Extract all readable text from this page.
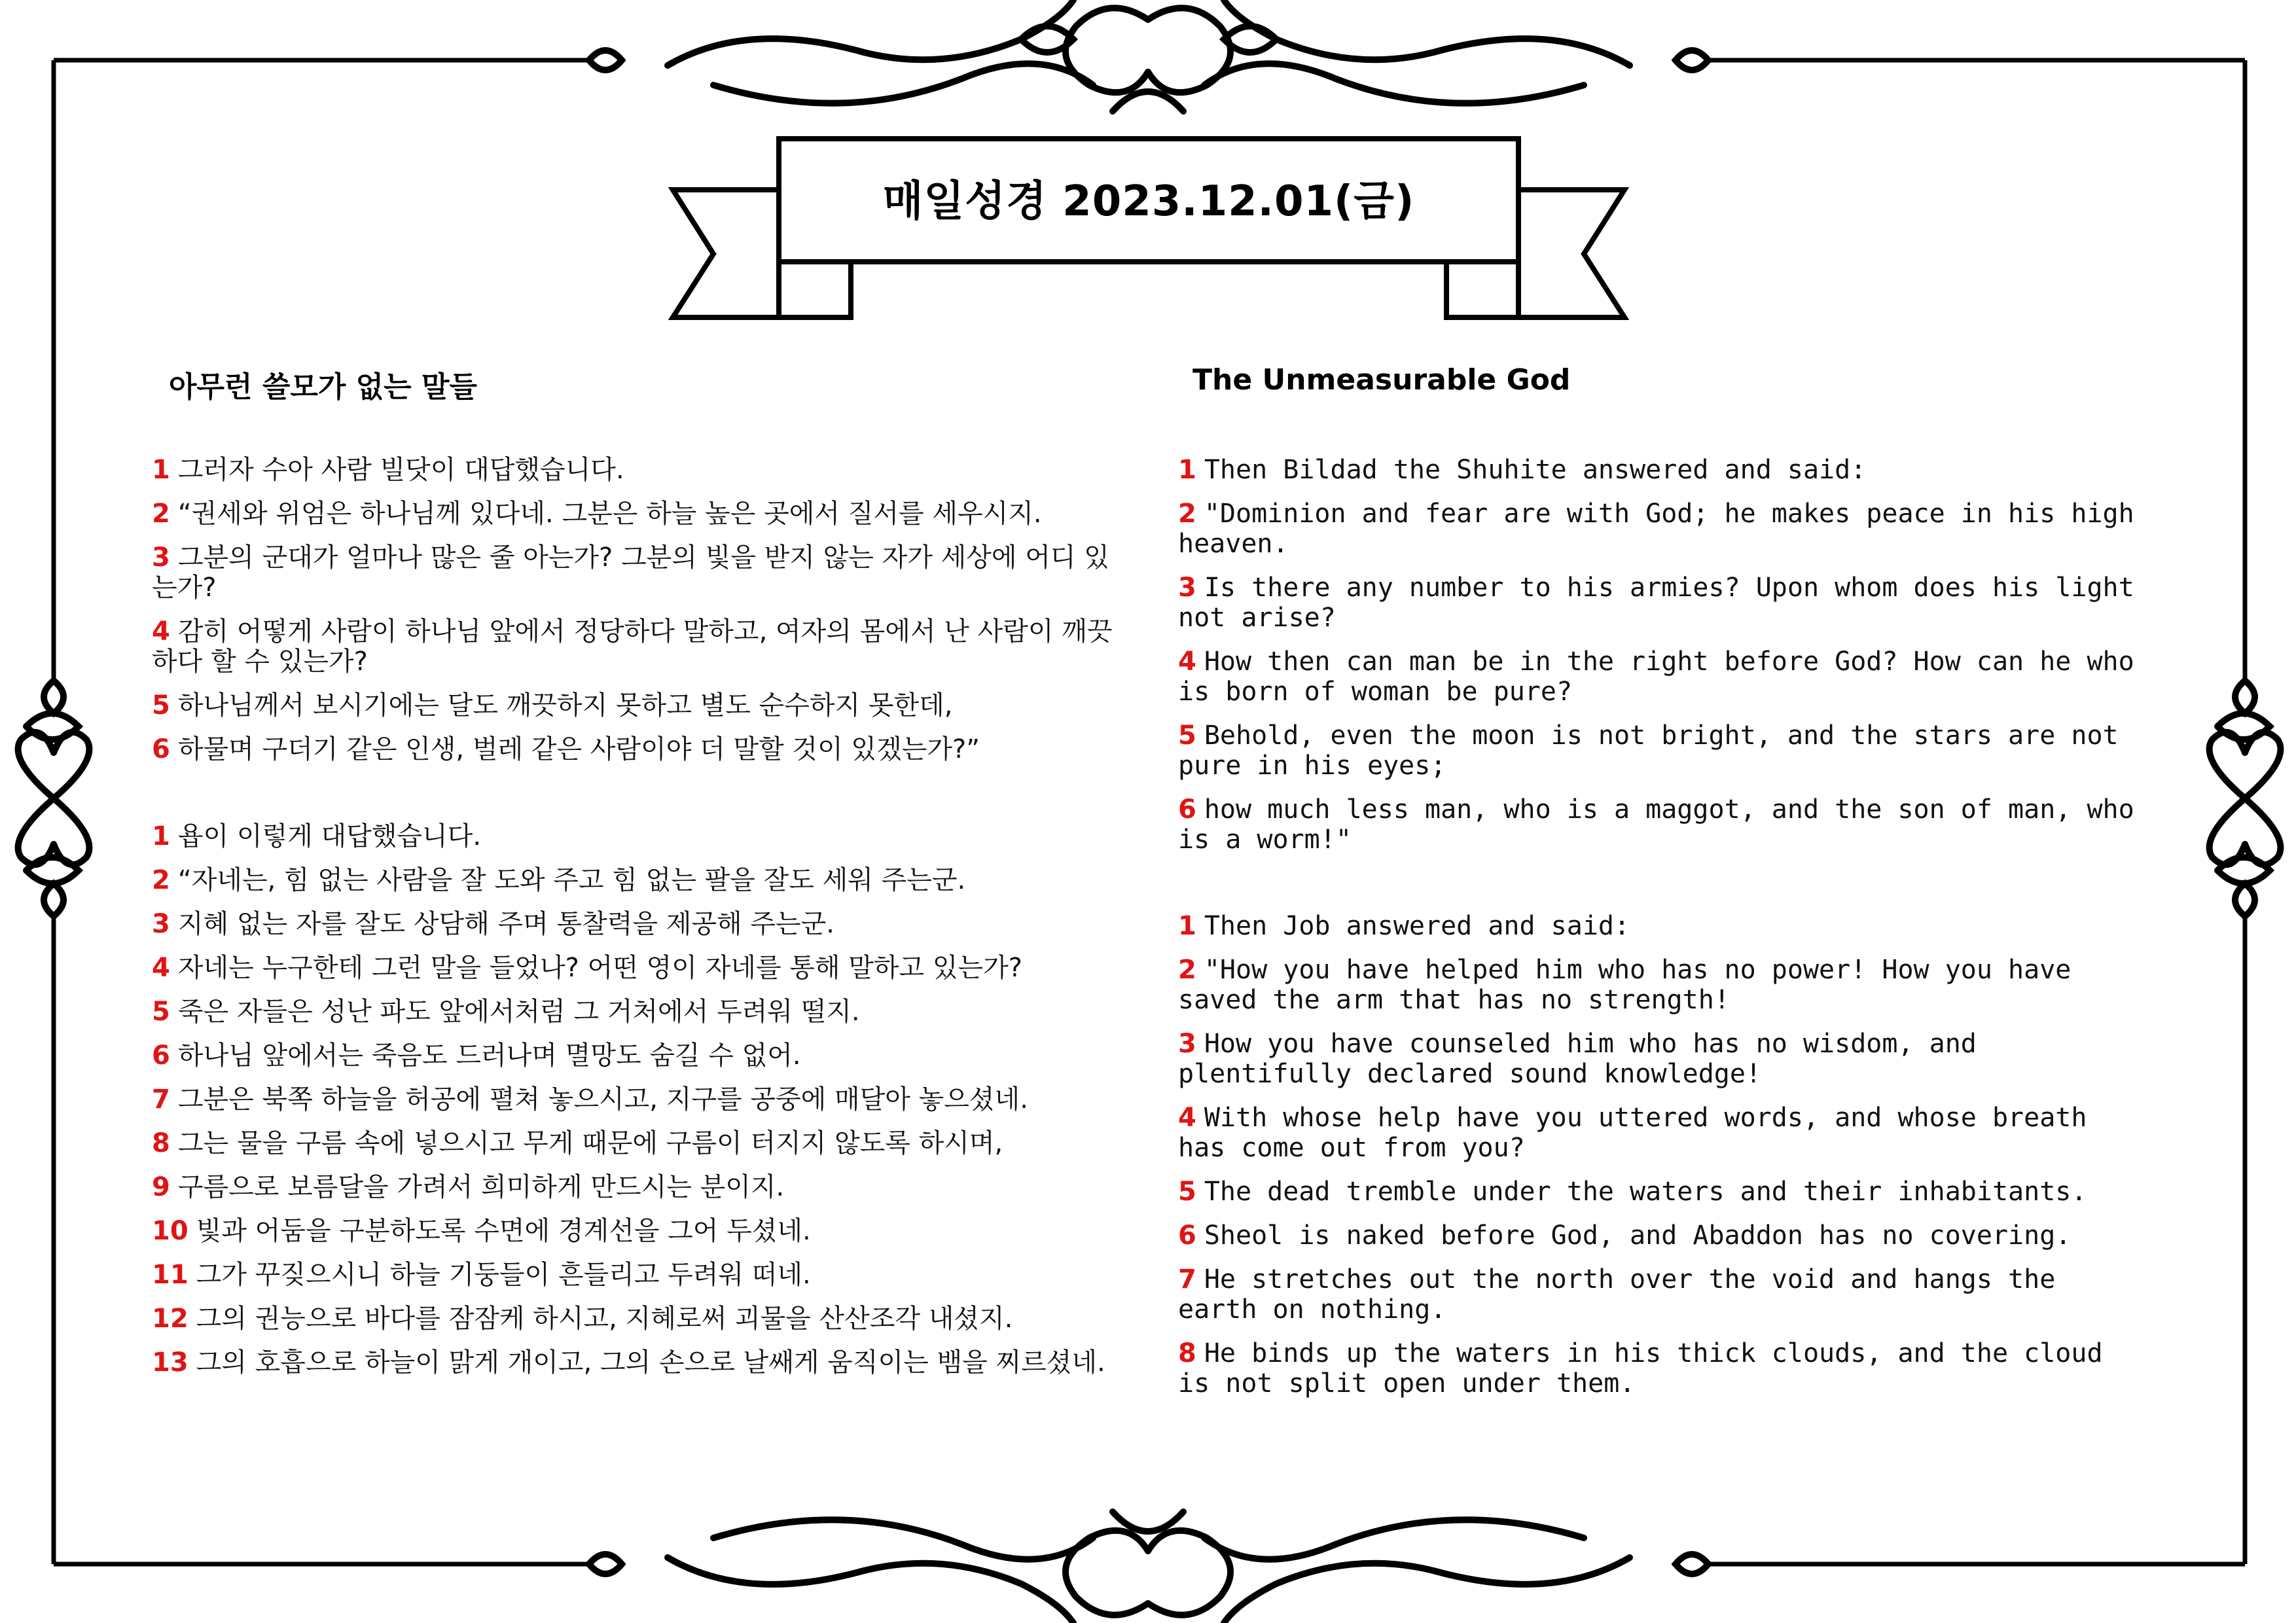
매일성경 2023.12.01(금)
아무런 쓸모가 없는 말들	The Unmeasurable God
1 그러자 수아 사람 빌닷이 대답했습니다.
2 “권세와 위엄은 하나님께 있다네. 그분은 하늘 높은 곳에서 질서를 세우시지.
3 그분의 군대가 얼마나 많은 줄 아는가? 그분의 빛을 받지 않는 자가 세상에 어디 있는가?
4 감히 어떻게 사람이 하나님 앞에서 정당하다 말하고, 여자의 몸에서 난 사람이 깨끗하다 할 수 있는가?
5 하나님께서 보시기에는 달도 깨끗하지 못하고 별도 순수하지 못한데,
6 하물며 구더기 같은 인생, 벌레 같은 사람이야 더 말할 것이 있겠는가?”
1 욥이 이렇게 대답했습니다.
2 “자네는, 힘 없는 사람을 잘 도와 주고 힘 없는 팔을 잘도 세워 주는군.
3 지혜 없는 자를 잘도 상담해 주며 통찰력을 제공해 주는군.
4 자네는 누구한테 그런 말을 들었나? 어떤 영이 자네를 통해 말하고 있는가?
5 죽은 자들은 성난 파도 앞에서처럼 그 거처에서 두려워 떨지.
6 하나님 앞에서는 죽음도 드러나며 멸망도 숨길 수 없어.
7 그분은 북쪽 하늘을 허공에 펼쳐 놓으시고, 지구를 공중에 매달아 놓으셨네.
8 그는 물을 구름 속에 넣으시고 무게 때문에 구름이 터지지 않도록 하시며,
9 구름으로 보름달을 가려서 희미하게 만드시는 분이지.
10 빛과 어둠을 구분하도록 수면에 경계선을 그어 두셨네.
11 그가 꾸짖으시니 하늘 기둥들이 흔들리고 두려워 떠네.
12 그의 권능으로 바다를 잠잠케 하시고, 지혜로써 괴물을 산산조각 내셨지.
13 그의 호흡으로 하늘이 맑게 개이고, 그의 손으로 날쌔게 움직이는 뱀을 찌르셨네.
1 Then Bildad the Shuhite answered and said:
2 "Dominion and fear are with God; he makes peace in his high heaven.
3 Is there any number to his armies? Upon whom does his light not arise?
4 How then can man be in the right before God? How can he who is born of woman be pure?
5 Behold, even the moon is not bright, and the stars are not pure in his eyes;
6 how much less man, who is a maggot, and the son of man, who is a worm!"
1 Then Job answered and said:
2 "How you have helped him who has no power! How you have saved the arm that has no strength!
3 How you have counseled him who has no wisdom, and plentifully declared sound knowledge!
4 With whose help have you uttered words, and whose breath has come out from you?
5 The dead tremble under the waters and their inhabitants.
6 Sheol is naked before God, and Abaddon has no covering.
7 He stretches out the north over the void and hangs the earth on nothing.
8 He binds up the waters in his thick clouds, and the cloud is not split open under them.
